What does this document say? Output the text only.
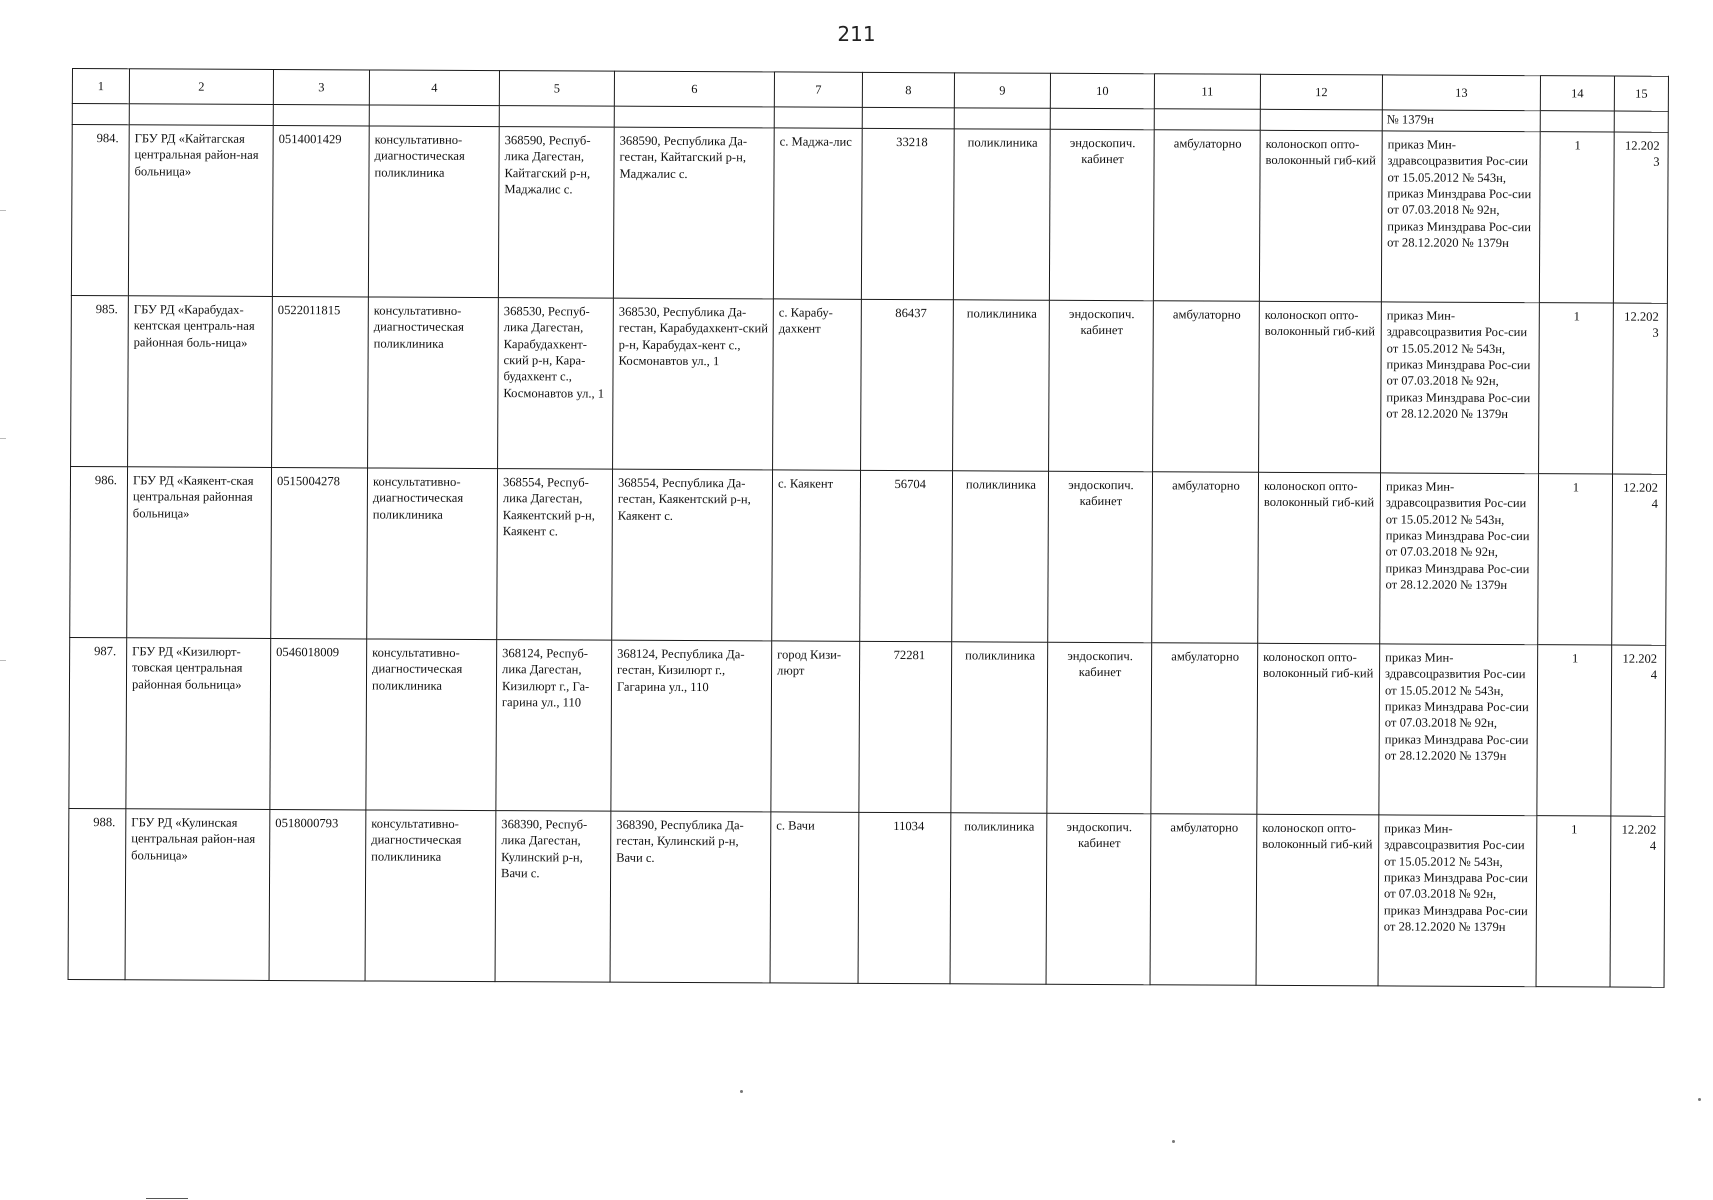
211
1	2	3	4	5	6	7	8	9	10	11	12	13	14	15
												№ 1379н		
984.	ГБУ РД «Кайтагская центральная район-ная больница»	0514001429	консультативно-диагностическая поликлиника	368590, Респуб-лика Дагестан, Кайтагский р-н, Маджалис с.	368590, Республика Да-гестан, Кайтагский р-н, Маджалис с.	с. Маджа-лис	33218	поликлиника	эндоскопич. кабинет	амбулаторно	колоноскоп опто-волоконный гиб-кий	приказ Мин-здравсоцразвития Рос-сии от 15.05.2012 № 543н, приказ Минздрава Рос-сии от 07.03.2018 № 92н, приказ Минздрава Рос-сии от 28.12.2020 № 1379н	1	12.2023
985.	ГБУ РД «Карабудах-кентская централь-ная районная боль-ница»	0522011815	консультативно-диагностическая поликлиника	368530, Респуб-лика Дагестан, Карабудахкент-ский р-н, Кара-будахкент с., Космонавтов ул., 1	368530, Республика Да-гестан, Карабудахкент-ский р-н, Карабудах-кент с., Космонавтов ул., 1	с. Карабу-дахкент	86437	поликлиника	эндоскопич. кабинет	амбулаторно	колоноскоп опто-волоконный гиб-кий	приказ Мин-здравсоцразвития Рос-сии от 15.05.2012 № 543н, приказ Минздрава Рос-сии от 07.03.2018 № 92н, приказ Минздрава Рос-сии от 28.12.2020 № 1379н	1	12.2023
986.	ГБУ РД «Каякент-ская центральная районная больница»	0515004278	консультативно-диагностическая поликлиника	368554, Респуб-лика Дагестан, Каякентский р-н, Каякент с.	368554, Республика Да-гестан, Каякентский р-н, Каякент с.	с. Каякент	56704	поликлиника	эндоскопич. кабинет	амбулаторно	колоноскоп опто-волоконный гиб-кий	приказ Мин-здравсоцразвития Рос-сии от 15.05.2012 № 543н, приказ Минздрава Рос-сии от 07.03.2018 № 92н, приказ Минздрава Рос-сии от 28.12.2020 № 1379н	1	12.2024
987.	ГБУ РД «Кизилюрт-товская центральная районная больница»	0546018009	консультативно-диагностическая поликлиника	368124, Респуб-лика Дагестан, Кизилюрт г., Га-гарина ул., 110	368124, Республика Да-гестан, Кизилюрт г., Гагарина ул., 110	город Кизи-люрт	72281	поликлиника	эндоскопич. кабинет	амбулаторно	колоноскоп опто-волоконный гиб-кий	приказ Мин-здравсоцразвития Рос-сии от 15.05.2012 № 543н, приказ Минздрава Рос-сии от 07.03.2018 № 92н, приказ Минздрава Рос-сии от 28.12.2020 № 1379н	1	12.2024
988.	ГБУ РД «Кулинская центральная район-ная больница»	0518000793	консультативно-диагностическая поликлиника	368390, Респуб-лика Дагестан, Кулинский р-н, Вачи с.	368390, Республика Да-гестан, Кулинский р-н, Вачи с.	с. Вачи	11034	поликлиника	эндоскопич. кабинет	амбулаторно	колоноскоп опто-волоконный гиб-кий	приказ Мин-здравсоцразвития Рос-сии от 15.05.2012 № 543н, приказ Минздрава Рос-сии от 07.03.2018 № 92н, приказ Минздрава Рос-сии от 28.12.2020 № 1379н	1	12.2024
